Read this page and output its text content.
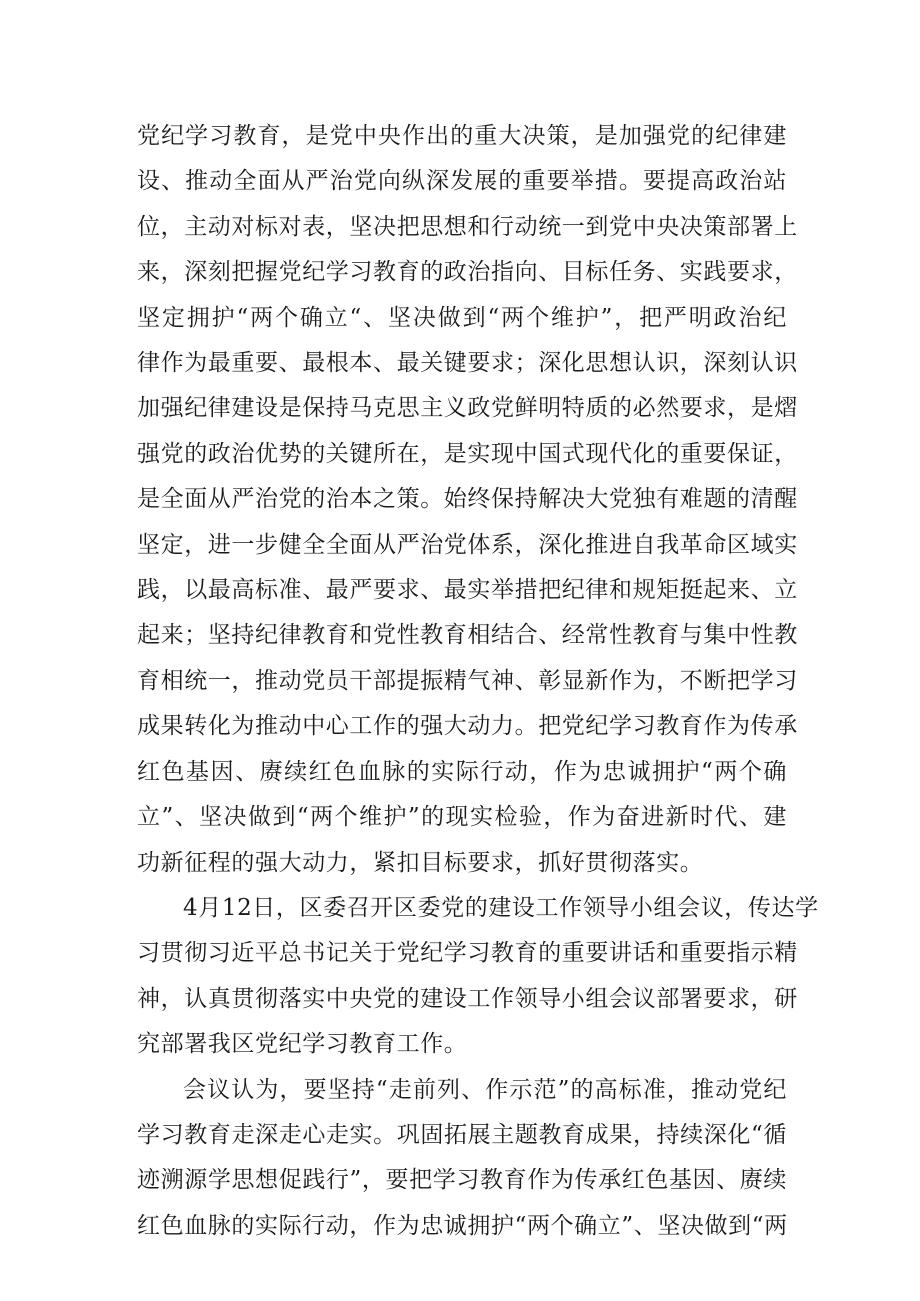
党纪学习教育，是党中央作出的重大决策，是加强党的纪律建
设、推动全面从严治党向纵深发展的重要举措。要提高政治站
位，主动对标对表，坚决把思想和行动统一到党中央决策部署上
来，深刻把握党纪学习教育的政治指向、目标任务、实践要求，
坚定拥护“两个确立“、坚决做到“两个维护”，把严明政治纪
律作为最重要、最根本、最关键要求；深化思想认识，深刻认识
加强纪律建设是保持马克思主义政党鲜明特质的必然要求，是熠
强党的政治优势的关键所在，是实现中国式现代化的重要保证，
是全面从严治党的治本之策。始终保持解决大党独有难题的清醒
坚定，进一步健全全面从严治党体系，深化推进自我革命区域实
践，以最高标准、最严要求、最实举措把纪律和规矩挺起来、立
起来；坚持纪律教育和党性教育相结合、经常性教育与集中性教
育相统一，推动党员干部提振精气神、彰显新作为，不断把学习
成果转化为推动中心工作的强大动力。把党纪学习教育作为传承
红色基因、赓续红色血脉的实际行动，作为忠诚拥护“两个确
立”、坚决做到“两个维护”的现实检验，作为奋进新时代、建
功新征程的强大动力，紧扣目标要求，抓好贯彻落实。
4月12日，区委召开区委党的建设工作领导小组会议，传达学
习贯彻习近平总书记关于党纪学习教育的重要讲话和重要指示精
神，认真贯彻落实中央党的建设工作领导小组会议部署要求，研
究部署我区党纪学习教育工作。
会议认为，要坚持“走前列、作示范”的高标准，推动党纪
学习教育走深走心走实。巩固拓展主题教育成果，持续深化“循
迹溯源学思想促践行”，要把学习教育作为传承红色基因、赓续
红色血脉的实际行动，作为忠诚拥护“两个确立”、坚决做到“两
